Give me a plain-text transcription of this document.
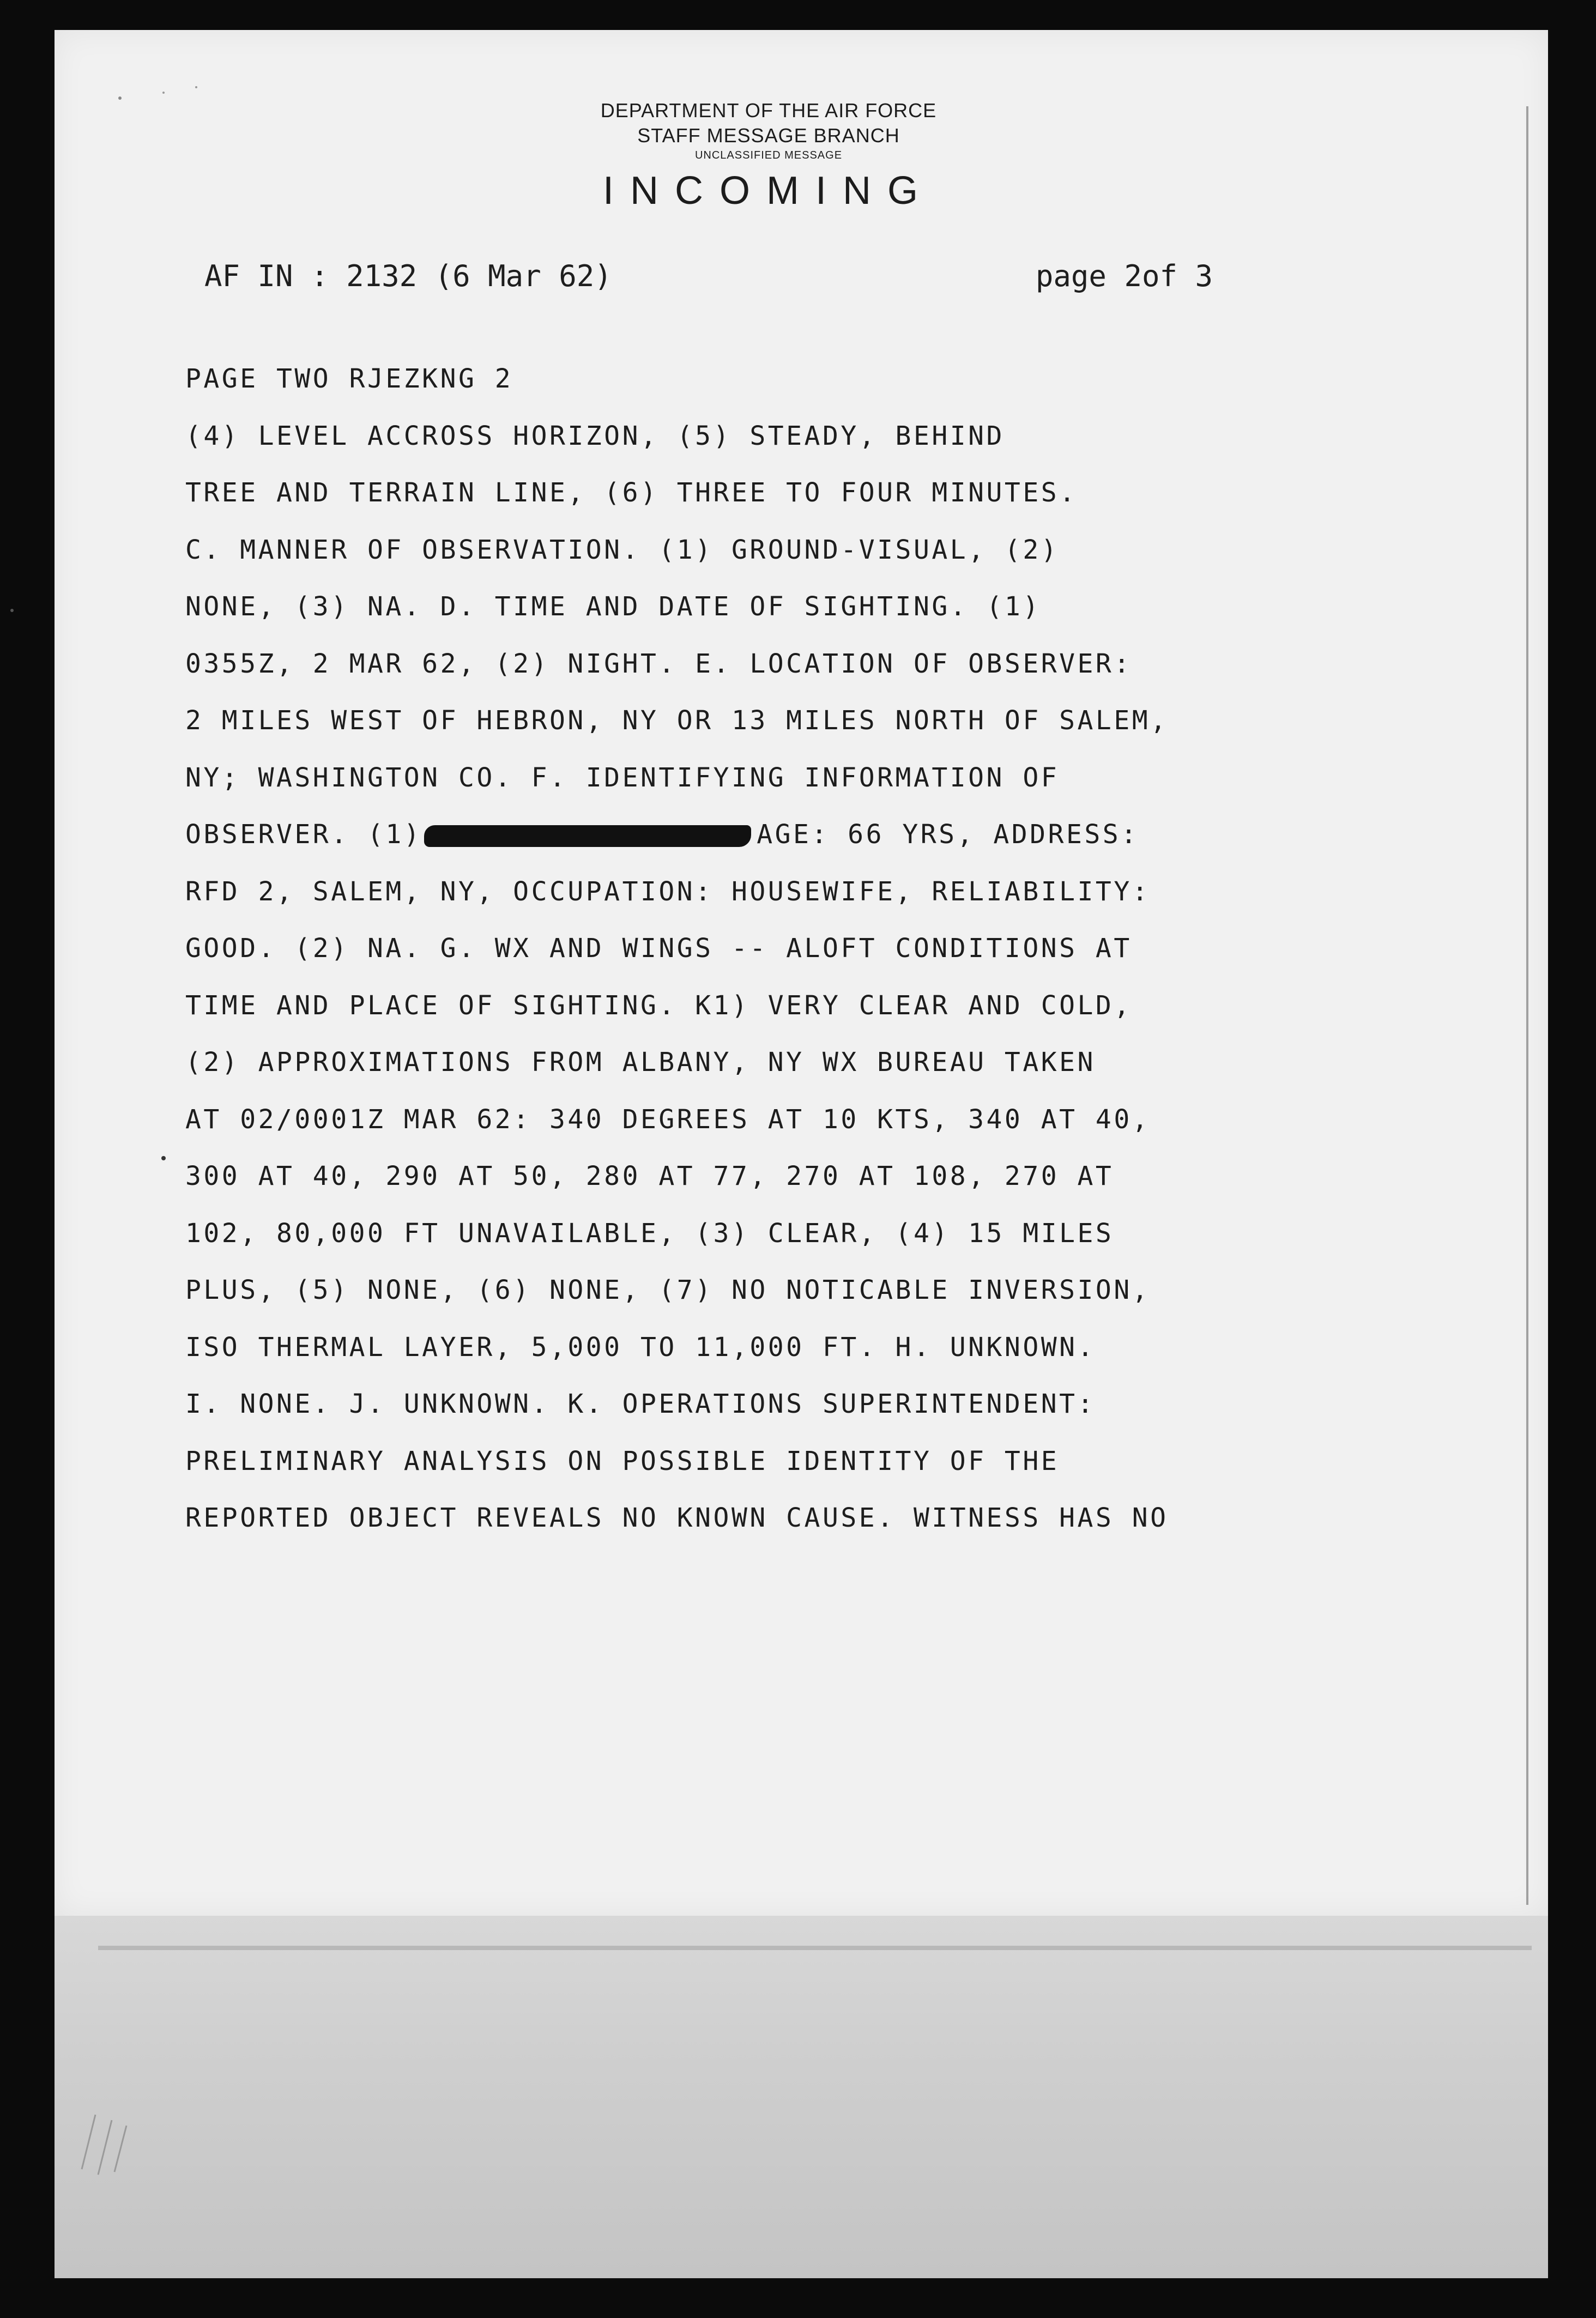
DEPARTMENT OF THE AIR FORCE
STAFF MESSAGE BRANCH
UNCLASSIFIED MESSAGE
INCOMING
AF IN : 2132 (6 Mar 62)	page 2of 3
PAGE TWO RJEZKNG 2
(4) LEVEL ACCROSS HORIZON, (5) STEADY, BEHIND
TREE AND TERRAIN LINE, (6) THREE TO FOUR MINUTES.
C. MANNER OF OBSERVATION. (1) GROUND-VISUAL, (2)
NONE, (3) NA. D. TIME AND DATE OF SIGHTING. (1)
0355Z, 2 MAR 62, (2) NIGHT. E. LOCATION OF OBSERVER:
2 MILES WEST OF HEBRON, NY OR 13 MILES NORTH OF SALEM,
NY; WASHINGTON CO. F. IDENTIFYING INFORMATION OF
OBSERVER. (1)	AGE: 66 YRS, ADDRESS:
RFD 2, SALEM, NY, OCCUPATION: HOUSEWIFE, RELIABILITY:
GOOD. (2) NA. G. WX AND WINGS -- ALOFT CONDITIONS AT
TIME AND PLACE OF SIGHTING. K1) VERY CLEAR AND COLD,
(2) APPROXIMATIONS FROM ALBANY, NY WX BUREAU TAKEN
AT 02/0001Z MAR 62: 340 DEGREES AT 10 KTS, 340 AT 40,
300 AT 40, 290 AT 50, 280 AT 77, 270 AT 108, 270 AT
102, 80,000 FT UNAVAILABLE, (3) CLEAR, (4) 15 MILES
PLUS, (5) NONE, (6) NONE, (7) NO NOTICABLE INVERSION,
ISO THERMAL LAYER, 5,000 TO 11,000 FT. H. UNKNOWN.
I. NONE. J. UNKNOWN. K. OPERATIONS SUPERINTENDENT:
PRELIMINARY ANALYSIS ON POSSIBLE IDENTITY OF THE
REPORTED OBJECT REVEALS NO KNOWN CAUSE. WITNESS HAS NO
